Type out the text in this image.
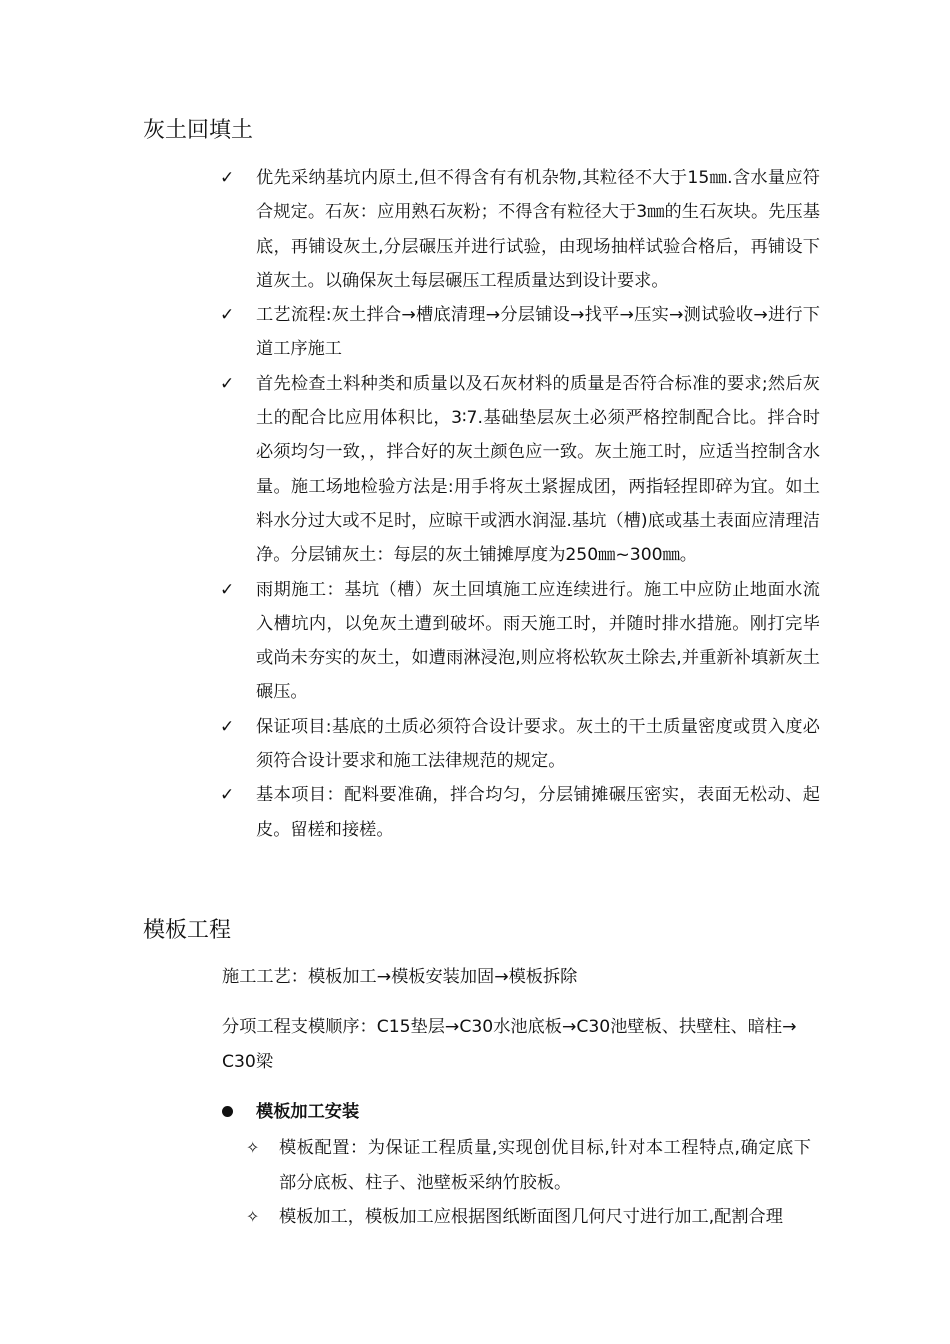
灰土回填土
✓ 优先采纳基坑内原土,但不得含有有机杂物,其粒径不大于15㎜.含水量应符合规定。石灰：应用熟石灰粉；不得含有粒径大于3㎜的生石灰块。先压基底，再铺设灰土,分层碾压并进行试验，由现场抽样试验合格后，再铺设下道灰土。以确保灰土每层碾压工程质量达到设计要求。
✓ 工艺流程:灰土拌合→槽底清理→分层铺设→找平→压实→测试验收→进行下道工序施工
✓ 首先检查土料种类和质量以及石灰材料的质量是否符合标准的要求;然后灰土的配合比应用体积比，3∶7.基础垫层灰土必须严格控制配合比。拌合时必须均匀一致，，拌合好的灰土颜色应一致。灰土施工时，应适当控制含水量。施工场地检验方法是:用手将灰土紧握成团，两指轻捏即碎为宜。如土料水分过大或不足时，应晾干或洒水润湿.基坑（槽)底或基土表面应清理洁净。分层铺灰土：每层的灰土铺摊厚度为250㎜~300㎜。
✓ 雨期施工：基坑（槽）灰土回填施工应连续进行。施工中应防止地面水流入槽坑内，以免灰土遭到破坏。雨天施工时，并随时排水措施。刚打完毕或尚未夯实的灰土，如遭雨淋浸泡,则应将松软灰土除去,并重新补填新灰土碾压。
✓ 保证项目:基底的土质必须符合设计要求。灰土的干土质量密度或贯入度必须符合设计要求和施工法律规范的规定。
✓ 基本项目：配料要准确，拌合均匀，分层铺摊碾压密实，表面无松动、起皮。留槎和接槎。
模板工程
施工工艺：模板加工→模板安装加固→模板拆除
分项工程支模顺序：C15垫层→C30水池底板→C30池壁板、扶壁柱、暗柱→C30梁
模板加工安装
✧ 模板配置：为保证工程质量,实现创优目标,针对本工程特点,确定底下部分底板、柱子、池壁板采纳竹胶板。
✧ 模板加工，模板加工应根据图纸断面图几何尺寸进行加工,配割合理
